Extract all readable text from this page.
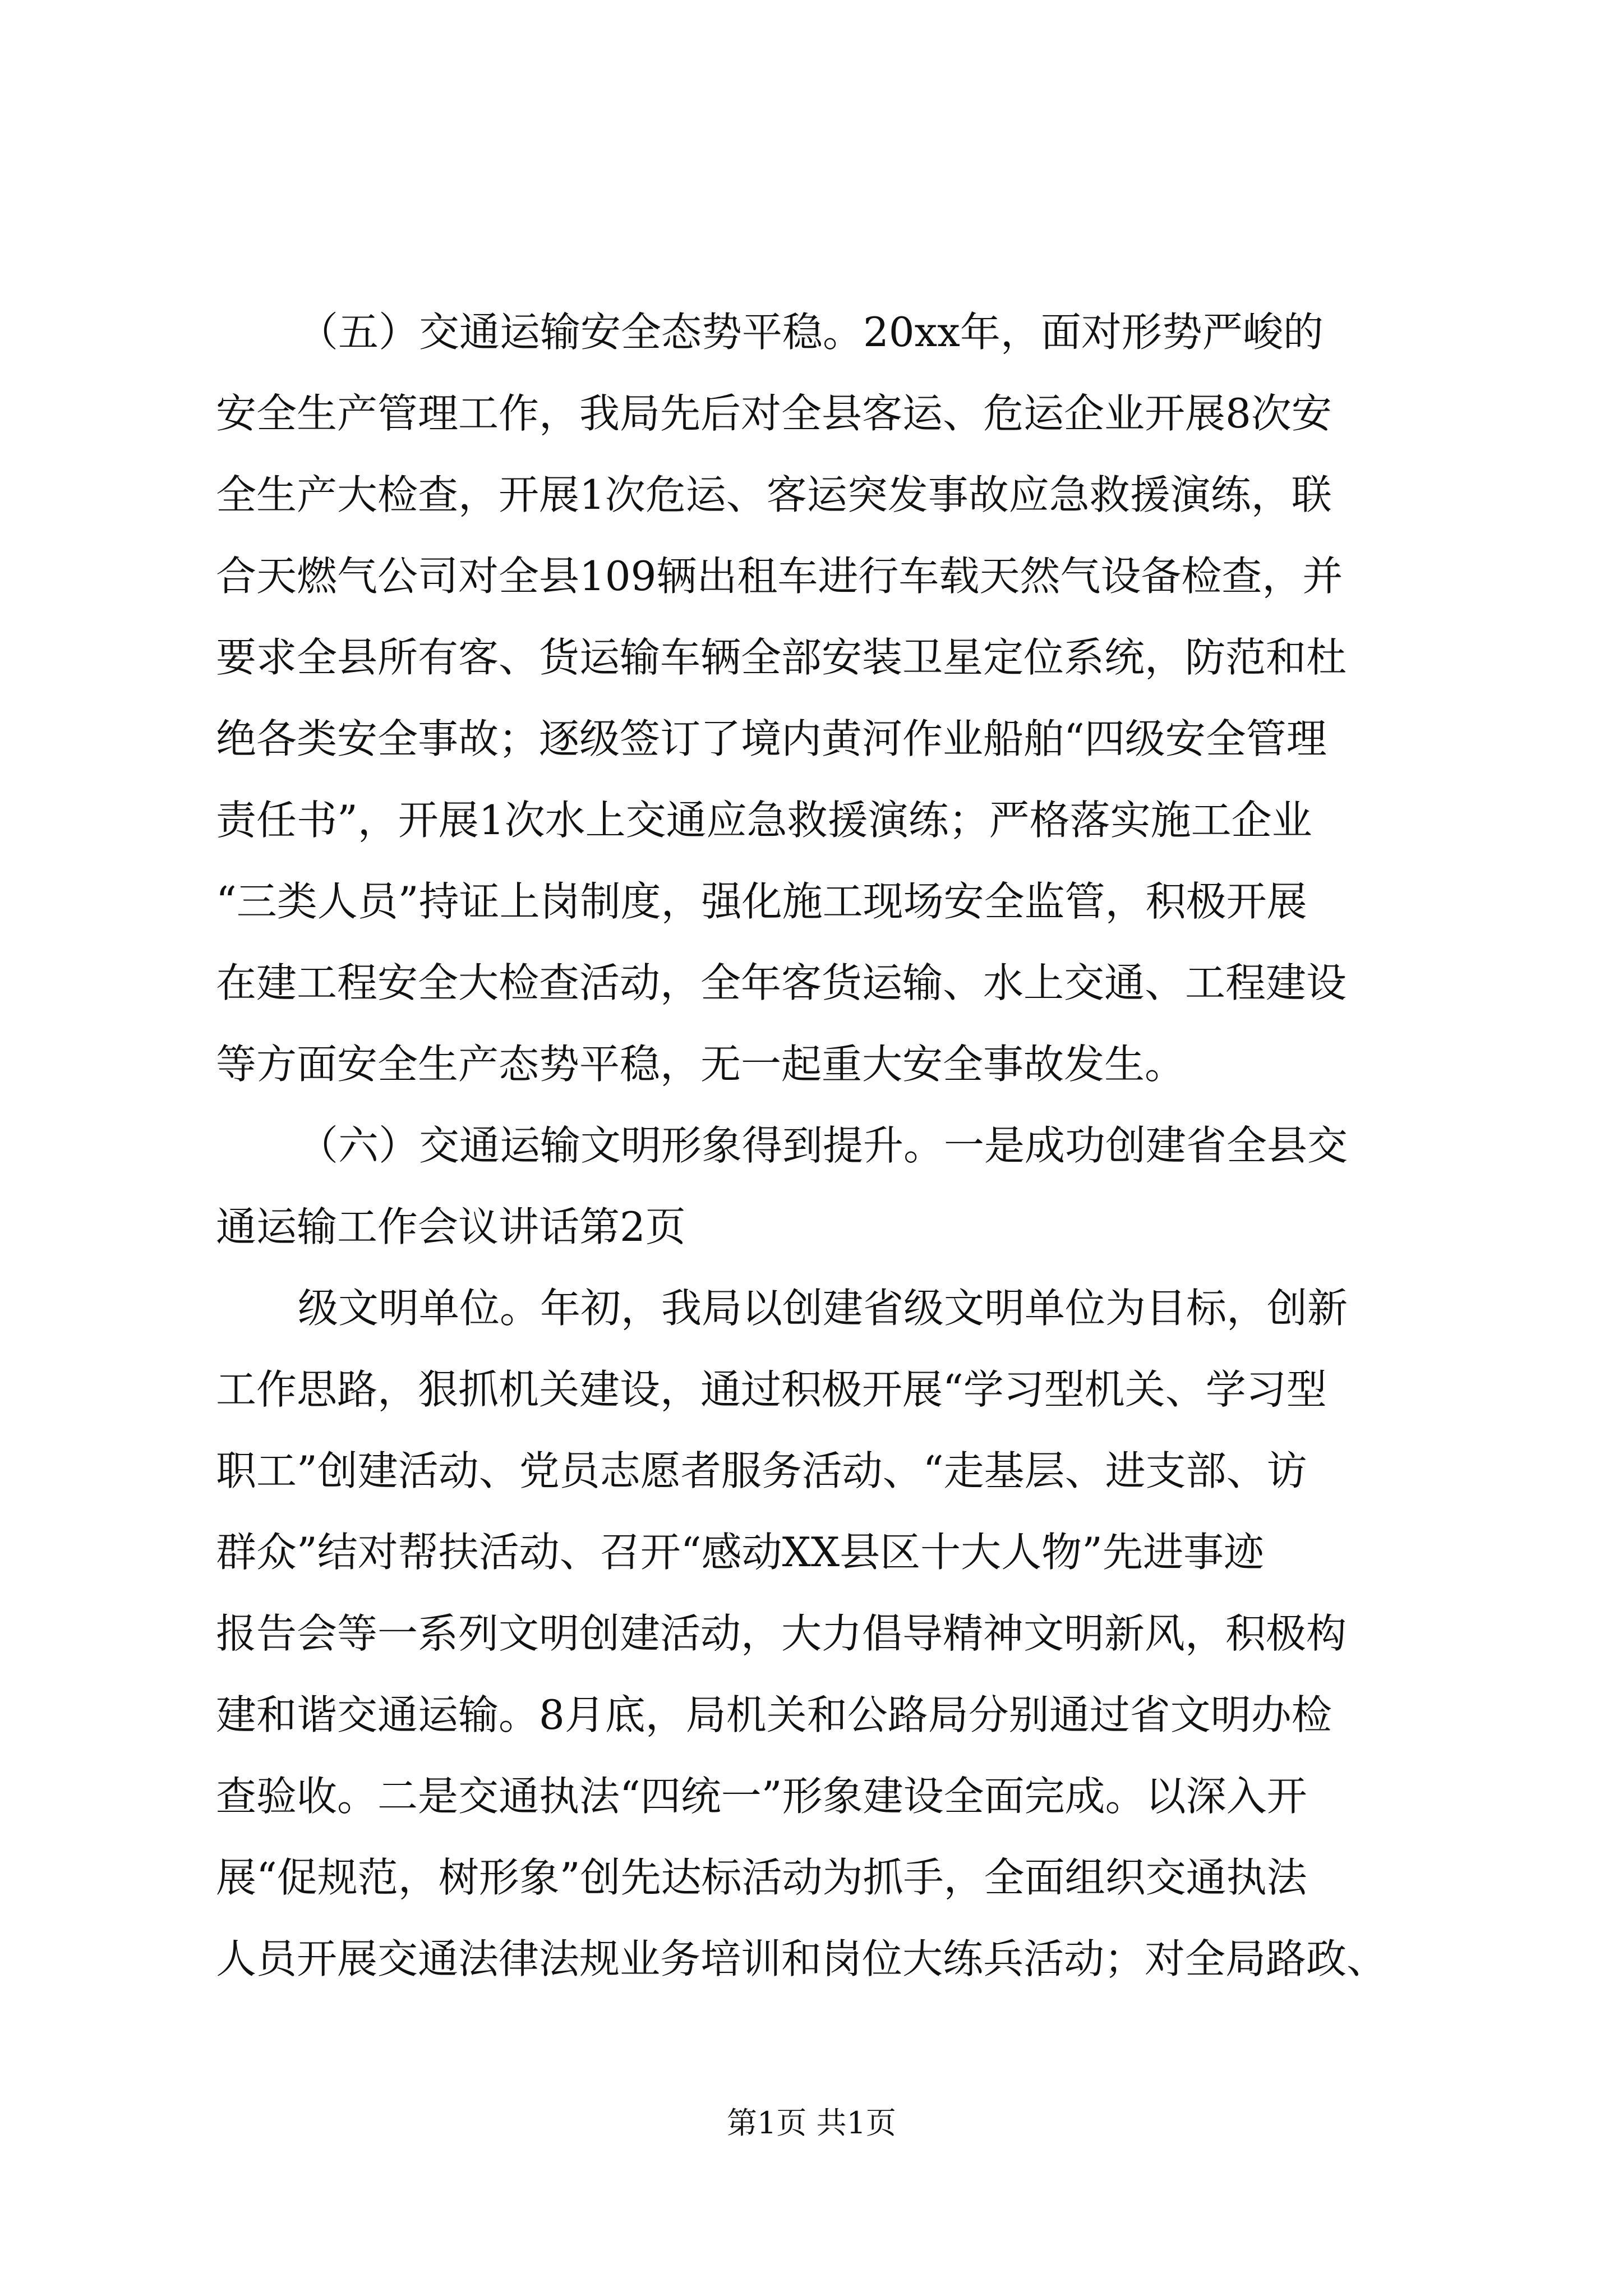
（五）交通运输安全态势平稳。20xx年，面对形势严峻的
安全生产管理工作，我局先后对全县客运、危运企业开展8次安
全生产大检查，开展1次危运、客运突发事故应急救援演练，联
合天燃气公司对全县109辆出租车进行车载天然气设备检查，并
要求全县所有客、货运输车辆全部安装卫星定位系统，防范和杜
绝各类安全事故；逐级签订了境内黄河作业船舶“四级安全管理
责任书”，开展1次水上交通应急救援演练；严格落实施工企业
“三类人员”持证上岗制度，强化施工现场安全监管，积极开展
在建工程安全大检查活动，全年客货运输、水上交通、工程建设
等方面安全生产态势平稳，无一起重大安全事故发生。
（六）交通运输文明形象得到提升。一是成功创建省全县交
通运输工作会议讲话第2页
级文明单位。年初，我局以创建省级文明单位为目标，创新
工作思路，狠抓机关建设，通过积极开展“学习型机关、学习型
职工”创建活动、党员志愿者服务活动、“走基层、进支部、访
群众”结对帮扶活动、召开“感动XX县区十大人物”先进事迹
报告会等一系列文明创建活动，大力倡导精神文明新风，积极构
建和谐交通运输。8月底，局机关和公路局分别通过省文明办检
查验收。二是交通执法“四统一”形象建设全面完成。以深入开
展“促规范，树形象”创先达标活动为抓手，全面组织交通执法
人员开展交通法律法规业务培训和岗位大练兵活动；对全局路政、
第1页 共1页
